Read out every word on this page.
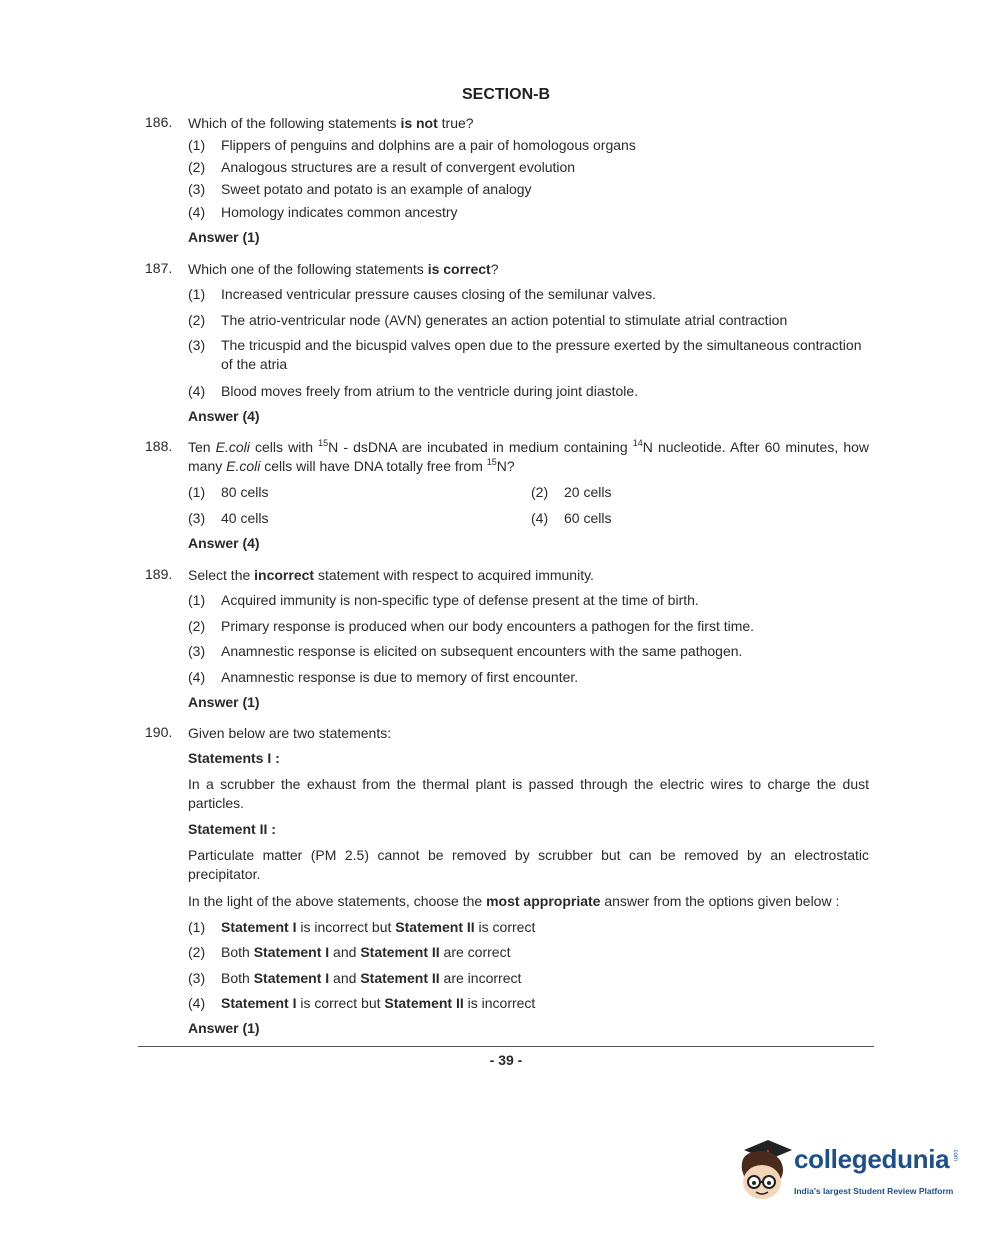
SECTION-B
186. Which of the following statements is not true?
(1) Flippers of penguins and dolphins are a pair of homologous organs
(2) Analogous structures are a result of convergent evolution
(3) Sweet potato and potato is an example of analogy
(4) Homology indicates common ancestry
Answer (1)
187. Which one of the following statements is correct?
(1) Increased ventricular pressure causes closing of the semilunar valves.
(2) The atrio-ventricular node (AVN) generates an action potential to stimulate atrial contraction
(3) The tricuspid and the bicuspid valves open due to the pressure exerted by the simultaneous contraction of the atria
(4) Blood moves freely from atrium to the ventricle during joint diastole.
Answer (4)
188. Ten E.coli cells with $^{15}$N - dsDNA are incubated in medium containing $^{14}$N nucleotide. After 60 minutes, how many E.coli cells will have DNA totally free from $^{15}$N?
(1) 80 cells	(2) 20 cells
(3) 40 cells	(4) 60 cells
Answer (4)
189. Select the incorrect statement with respect to acquired immunity.
(1) Acquired immunity is non-specific type of defense present at the time of birth.
(2) Primary response is produced when our body encounters a pathogen for the first time.
(3) Anamnestic response is elicited on subsequent encounters with the same pathogen.
(4) Anamnestic response is due to memory of first encounter.
Answer (1)
190. Given below are two statements:
Statements I :
In a scrubber the exhaust from the thermal plant is passed through the electric wires to charge the dust particles.
Statement II :
Particulate matter (PM 2.5) cannot be removed by scrubber but can be removed by an electrostatic precipitator.
In the light of the above statements, choose the most appropriate answer from the options given below :
(1) Statement I is incorrect but Statement II is correct
(2) Both Statement I and Statement II are correct
(3) Both Statement I and Statement II are incorrect
(4) Statement I is correct but Statement II is incorrect
Answer (1)
- 39 -
collegedunia .com
India's largest Student Review Platform
